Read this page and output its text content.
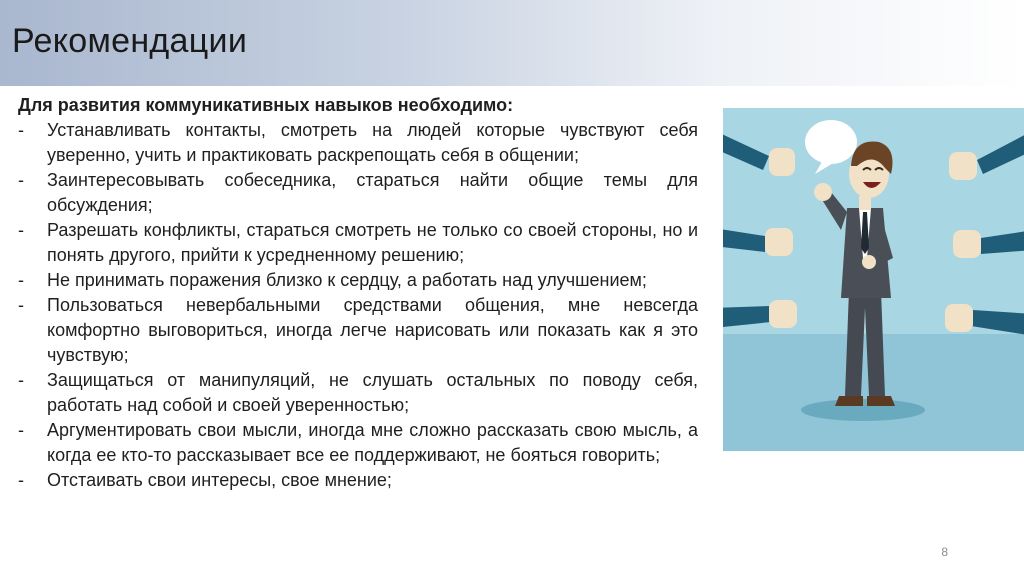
Рекомендации

Для развития коммуникативных навыков необходимо:

- Устанавливать контакты, смотреть на людей которые чувствуют себя уверенно, учить и практиковать раскрепощать себя в общении;
- Заинтересовывать собеседника, стараться найти общие темы для обсуждения;
- Разрешать конфликты, стараться смотреть не только со своей стороны, но и понять другого, прийти к усредненному решению;
- Не принимать поражения близко к сердцу, а работать над улучшением;
- Пользоваться невербальными средствами общения, мне невсегда комфортно выговориться, иногда легче нарисовать или показать как я это чувствую;
- Защищаться от манипуляций, не слушать остальных по поводу себя, работать над собой и своей уверенностью;
- Аргументировать свои мысли, иногда мне сложно рассказать свою мысль, а когда ее кто-то рассказывает все ее поддерживают, не бояться говорить;
- Отстаивать свои интересы, свое мнение;
8
